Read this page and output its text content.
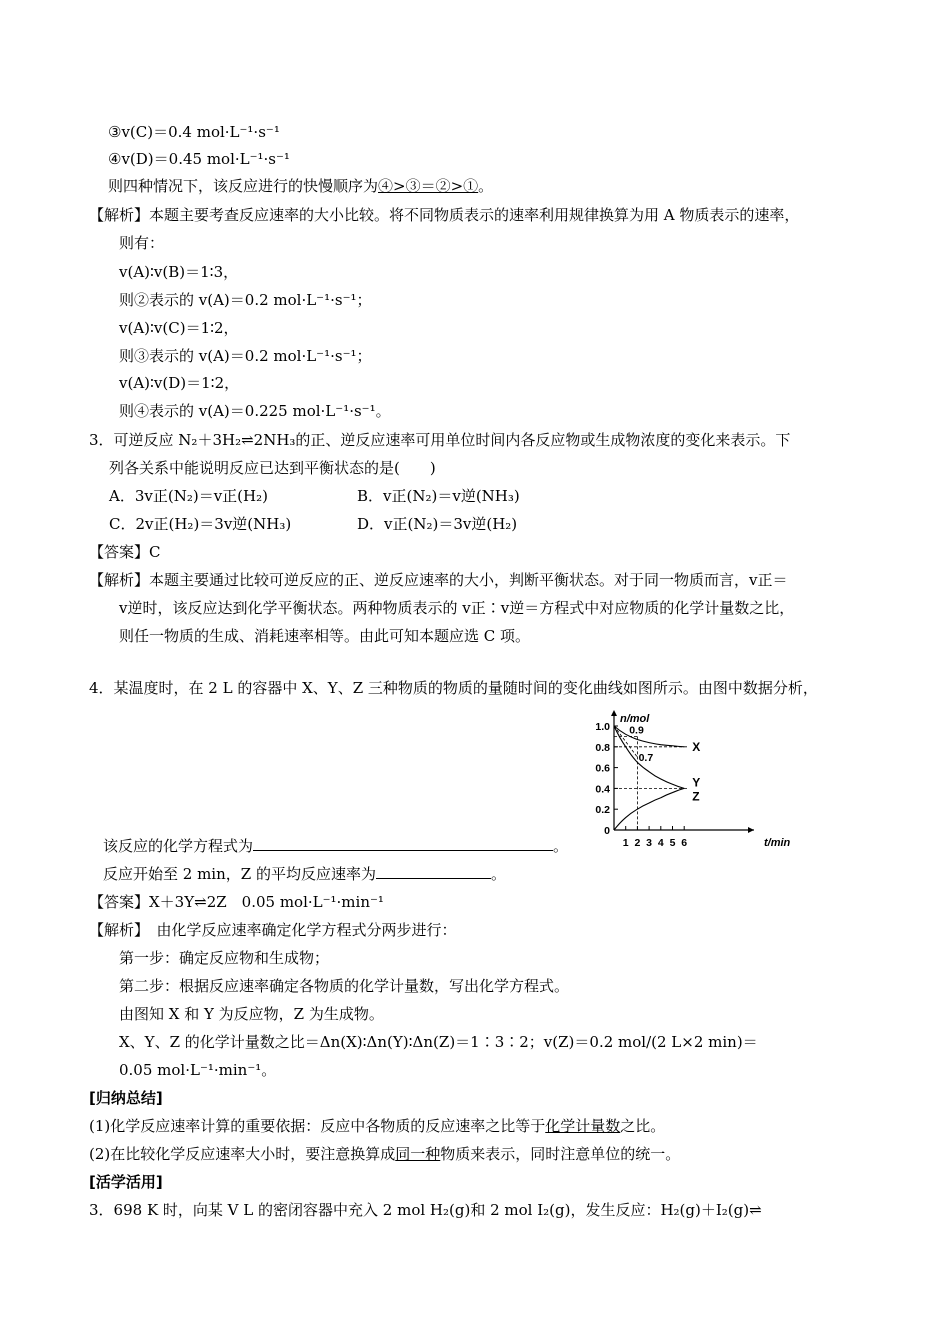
③v(C)＝0.4 mol·L⁻¹·s⁻¹
④v(D)＝0.45 mol·L⁻¹·s⁻¹
则四种情况下，该反应进行的快慢顺序为④>③＝②>①。
【解析】本题主要考查反应速率的大小比较。将不同物质表示的速率利用规律换算为用 A 物质表示的速率，
则有：
v(A)∶v(B)＝1∶3，
则②表示的 v(A)＝0.2 mol·L⁻¹·s⁻¹；
v(A)∶v(C)＝1∶2，
则③表示的 v(A)＝0.2 mol·L⁻¹·s⁻¹；
v(A)∶v(D)＝1∶2，
则④表示的 v(A)＝0.225 mol·L⁻¹·s⁻¹。
3．可逆反应 N₂＋3H₂⇌2NH₃的正、逆反应速率可用单位时间内各反应物或生成物浓度的变化来表示。下
列各关系中能说明反应已达到平衡状态的是(　　)
A．3v正(N₂)＝v正(H₂)	B．v正(N₂)＝v逆(NH₃)
C．2v正(H₂)＝3v逆(NH₃)	D．v正(N₂)＝3v逆(H₂)
【答案】C
【解析】本题主要通过比较可逆反应的正、逆反应速率的大小，判断平衡状态。对于同一物质而言，v正＝
v逆时，该反应达到化学平衡状态。两种物质表示的 v正∶v逆＝方程式中对应物质的化学计量数之比，
则任一物质的生成、消耗速率相等。由此可知本题应选 C 项。
4．某温度时，在 2 L 的容器中 X、Y、Z 三种物质的物质的量随时间的变化曲线如图所示。由图中数据分析，
n/mol
t/min
1.0
0.8
0.6
0.4
0.2
0
1 2 3 4 5 6
0.9
0.7
X
Y
Z
该反应的化学方程式为	。
反应开始至 2 min，Z 的平均反应速率为	。
【答案】X＋3Y⇌2Z　0.05 mol·L⁻¹·min⁻¹
【解析】　由化学反应速率确定化学方程式分两步进行：
第一步：确定反应物和生成物；
第二步：根据反应速率确定各物质的化学计量数，写出化学方程式。
由图知 X 和 Y 为反应物，Z 为生成物。
X、Y、Z 的化学计量数之比＝Δn(X)∶Δn(Y)∶Δn(Z)＝1∶3∶2；v(Z)＝0.2 mol/(2 L×2 min)＝
0.05 mol·L⁻¹·min⁻¹。
[归纳总结]
(1)化学反应速率计算的重要依据：反应中各物质的反应速率之比等于化学计量数之比。
(2)在比较化学反应速率大小时，要注意换算成同一种物质来表示，同时注意单位的统一。
[活学活用]
3．698 K 时，向某 V L 的密闭容器中充入 2 mol H₂(g)和 2 mol I₂(g)，发生反应：H₂(g)＋I₂(g)⇌
